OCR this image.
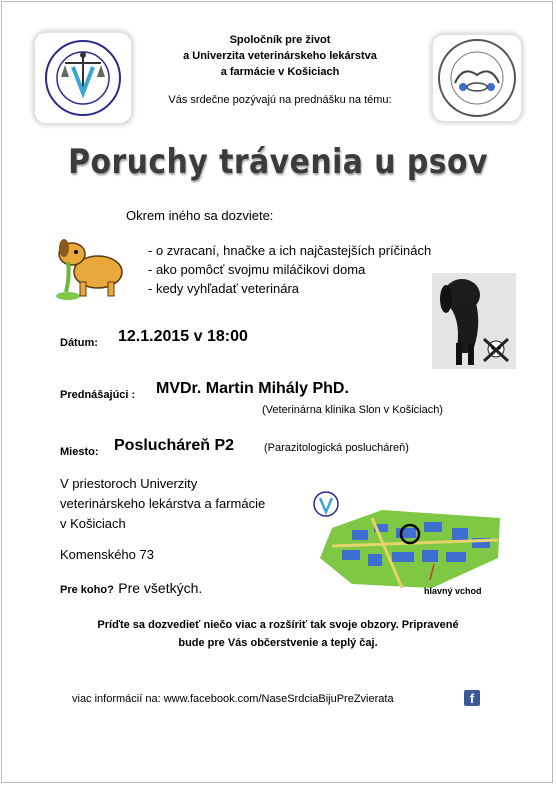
Spoločník pre život
a Univerzita veterinárskeho lekárstva
a farmácie v Košiciach
Vás srdečne pozývajú na prednášku na tému:
Poruchy trávenia u psov
Okrem iného sa dozviete:
- o zvracaní, hnačke a ich najčastejších príčinách
- ako pomôcť svojmu miláčikovi doma
- kedy vyhľadať veterinára
Dátum: 12.1.2015 v 18:00
Prednášajúci : MVDr. Martin Mihály PhD.
(Veterinárna klinika Slon v Košiciach)
Miesto: Poslucháreň P2	(Parazitologická poslucháreň)
V priestoroch Univerzity
veterinárskeho lekárstva a farmácie
v Košiciach
Komenského 73
Pre koho? Pre všetkých.	hlavný vchod
Príďte sa dozvedieť niečo viac a rozšíriť tak svoje obzory. Pripravené
bude pre Vás občerstvenie a teplý čaj.
viac informácií na: www.facebook.com/NaseSrdciaBijuPreZvierata	f
